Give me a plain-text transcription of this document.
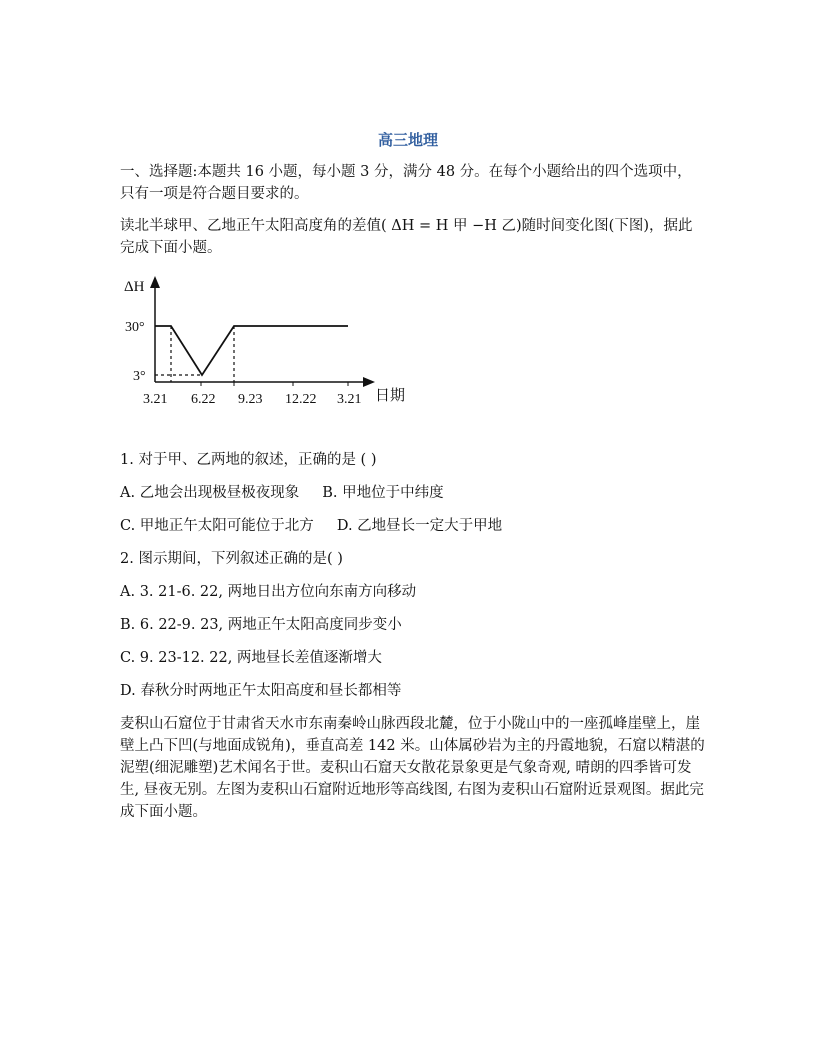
高三地理

一、选择题:本题共 16 小题，每小题 3 分，满分 48 分。在每个小题给出的四个选项中，只有一项是符合题目要求的。

读北半球甲、乙地正午太阳高度角的差值( ΔH = H 甲 −H 乙)随时间变化图(下图)，据此完成下面小题。

ΔH
日期
30°
3°
3.21 6.22 9.23 12.22 3.21

1. 对于甲、乙两地的叙述，正确的是 ( )

A. 乙地会出现极昼极夜现象     B. 甲地位于中纬度

C. 甲地正午太阳可能位于北方     D. 乙地昼长一定大于甲地

2. 图示期间，下列叙述正确的是( )

A. 3. 21-6. 22, 两地日出方位向东南方向移动

B. 6. 22-9. 23, 两地正午太阳高度同步变小

C. 9. 23-12. 22, 两地昼长差值逐渐增大

D. 春秋分时两地正午太阳高度和昼长都相等

麦积山石窟位于甘肃省天水市东南秦岭山脉西段北麓，位于小陇山中的一座孤峰崖壁上，崖壁上凸下凹(与地面成锐角)，垂直高差 142 米。山体属砂岩为主的丹霞地貌，石窟以精湛的泥塑(细泥雕塑)艺术闻名于世。麦积山石窟天女散花景象更是气象奇观, 晴朗的四季皆可发生, 昼夜无别。左图为麦积山石窟附近地形等高线图, 右图为麦积山石窟附近景观图。据此完成下面小题。
